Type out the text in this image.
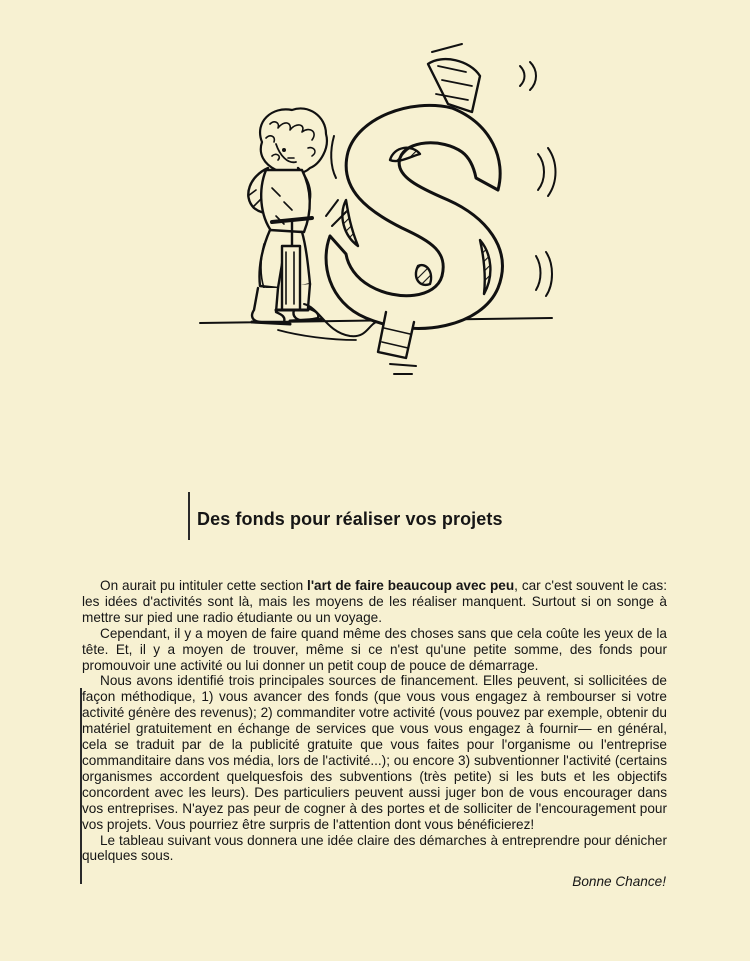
Des fonds pour réaliser vos projets

On aurait pu intituler cette section l'art de faire beaucoup avec peu, car c'est souvent le cas: les idées d'activités sont là, mais les moyens de les réaliser manquent. Surtout si on songe à mettre sur pied une radio étudiante ou un voyage.

Cependant, il y a moyen de faire quand même des choses sans que cela coûte les yeux de la tête. Et, il y a moyen de trouver, même si ce n'est qu'une petite somme, des fonds pour promouvoir une activité ou lui donner un petit coup de pouce de démarrage.

Nous avons identifié trois principales sources de financement. Elles peuvent, si sollicitées de façon méthodique, 1) vous avancer des fonds (que vous vous engagez à rembourser si votre activité génère des revenus); 2) commanditer votre activité (vous pouvez par exemple, obtenir du matériel gratuitement en échange de services que vous vous engagez à fournir— en général, cela se traduit par de la publicité gratuite que vous faites pour l'organisme ou l'entreprise commanditaire dans vos média, lors de l'activité...); ou encore 3) subventionner l'activité (certains organismes accordent quelquesfois des subventions (très petite) si les buts et les objectifs concordent avec les leurs). Des particuliers peuvent aussi juger bon de vous encourager dans vos entreprises. N'ayez pas peur de cogner à des portes et de solliciter de l'encouragement pour vos projets. Vous pourriez être surpris de l'attention dont vous bénéficierez!

Le tableau suivant vous donnera une idée claire des démarches à entreprendre pour dénicher quelques sous.

Bonne Chance!
